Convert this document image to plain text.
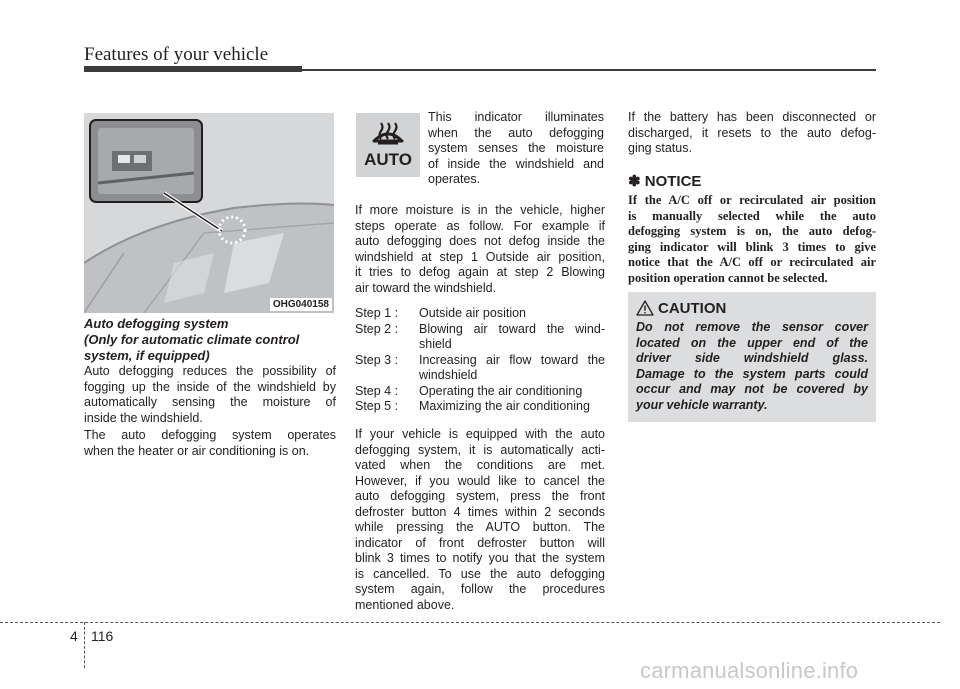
Features of your vehicle
OHG040158
Auto defogging system
(Only for automatic climate control
system, if equipped)
Auto defogging reduces the possibility of
fogging up the inside of the windshield by
automatically sensing the moisture of
inside the windshield.
The auto defogging system operates
when the heater or air conditioning is on.
AUTO
This indicator illuminates
when the auto defogging
system senses the moisture
of inside the windshield and
operates.
If more moisture is in the vehicle, higher
steps operate as follow. For example if
auto defogging does not defog inside the
windshield at step 1 Outside air position,
it tries to defog again at step 2 Blowing
air toward the windshield.
Step 1 :	Outside air position
Step 2 :	Blowing air toward the wind-shield
Step 3 :	Increasing air flow toward the windshield
Step 4 :	Operating the air conditioning
Step 5 :	Maximizing the air conditioning
If your vehicle is equipped with the auto
defogging system, it is automatically acti-
vated when the conditions are met.
However, if you would like to cancel the
auto defogging system, press the front
defroster button 4 times within 2 seconds
while pressing the AUTO button. The
indicator of front defroster button will
blink 3 times to notify you that the system
is cancelled. To use the auto defogging
system again, follow the procedures
mentioned above.
If the battery has been disconnected or
discharged, it resets to the auto defog-
ging status.
✽ NOTICE
If the A/C off or recirculated air position
is manually selected while the auto
defogging system is on, the auto defog-
ging indicator will blink 3 times to give
notice that the A/C off or recirculated air
position operation cannot be selected.
CAUTION
Do not remove the sensor cover
located on the upper end of the
driver side windshield glass.
Damage to the system parts could
occur and may not be covered by
your vehicle warranty.
4 116
carmanualsonline.info
